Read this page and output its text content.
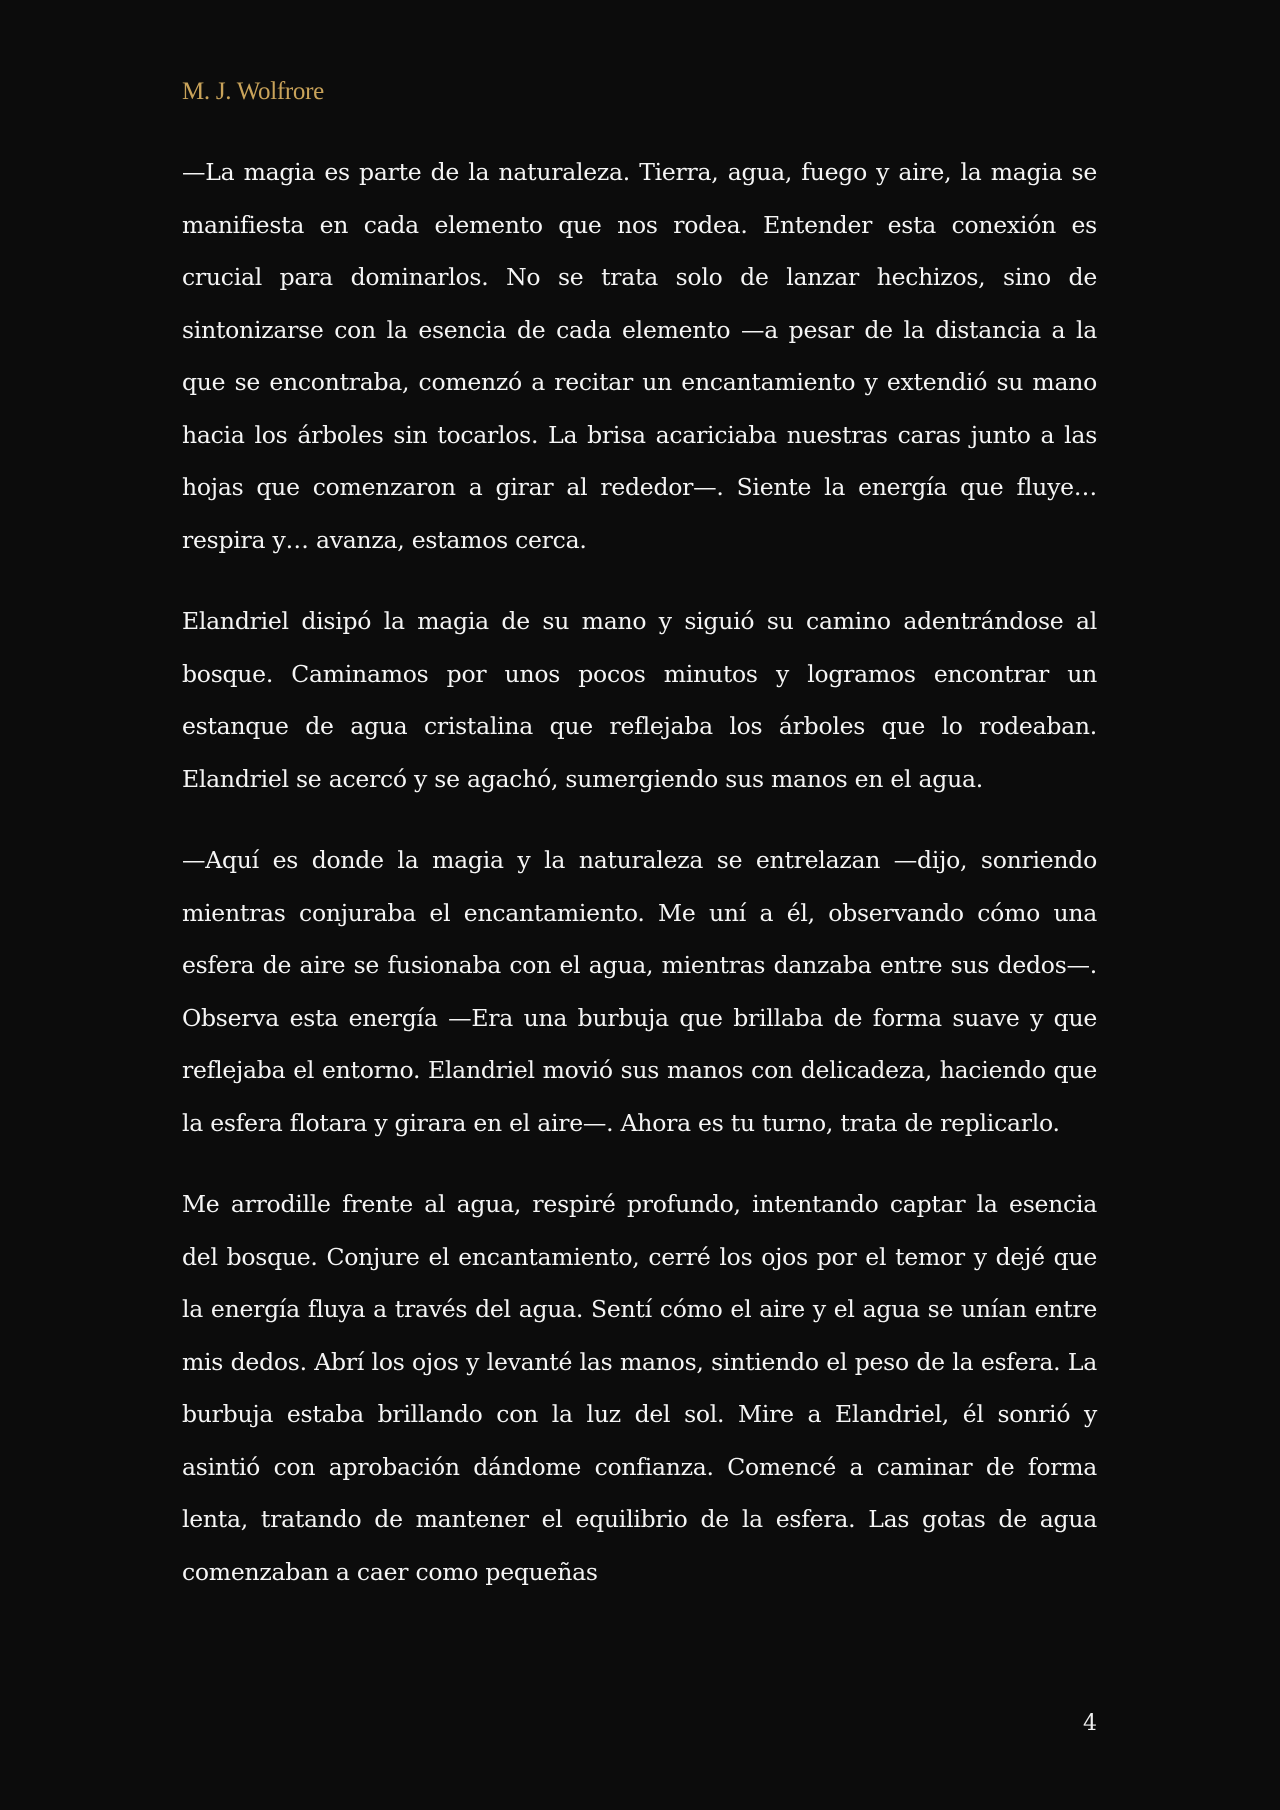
M. J. Wolfrore

—La magia es parte de la naturaleza. Tierra, agua, fuego y aire, la magia se manifiesta en cada elemento que nos rodea. Entender esta conexión es crucial para dominarlos. No se trata solo de lanzar hechizos, sino de sintonizarse con la esencia de cada elemento —a pesar de la distancia a la que se encontraba, comenzó a recitar un encantamiento y extendió su mano hacia los árboles sin tocarlos. La brisa acariciaba nuestras caras junto a las hojas que comenzaron a girar al rededor—. Siente la energía que fluye… respira y… avanza, estamos cerca.

Elandriel disipó la magia de su mano y siguió su camino adentrándose al bosque. Caminamos por unos pocos minutos y logramos encontrar un estanque de agua cristalina que reflejaba los árboles que lo rodeaban. Elandriel se acercó y se agachó, sumergiendo sus manos en el agua.

—Aquí es donde la magia y la naturaleza se entrelazan —dijo, sonriendo mientras conjuraba el encantamiento. Me uní a él, observando cómo una esfera de aire se fusionaba con el agua, mientras danzaba entre sus dedos—. Observa esta energía —Era una burbuja que brillaba de forma suave y que reflejaba el entorno. Elandriel movió sus manos con delicadeza, haciendo que la esfera flotara y girara en el aire—. Ahora es tu turno, trata de replicarlo.

Me arrodille frente al agua, respiré profundo, intentando captar la esencia del bosque. Conjure el encantamiento, cerré los ojos por el temor y dejé que la energía fluya a través del agua. Sentí cómo el aire y el agua se unían entre mis dedos. Abrí los ojos y levanté las manos, sintiendo el peso de la esfera. La burbuja estaba brillando con la luz del sol. Mire a Elandriel, él sonrió y asintió con aprobación dándome confianza. Comencé a caminar de forma lenta, tratando de mantener el equilibrio de la esfera. Las gotas de agua comenzaban a caer como pequeñas

4
